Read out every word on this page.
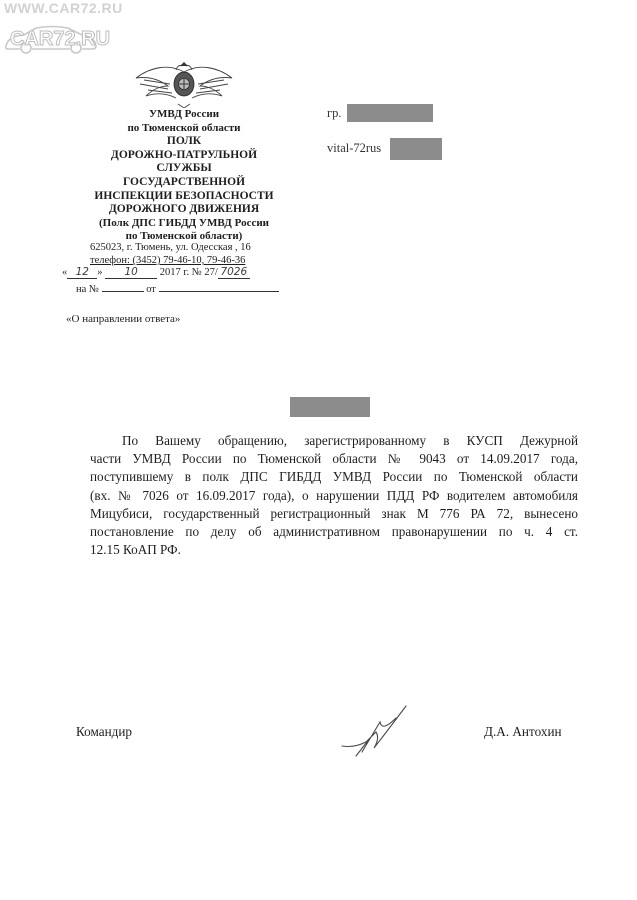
WWW.CAR72.RU
CAR72.RU
УМВД России
по Тюменской области
ПОЛК
ДОРОЖНО-ПАТРУЛЬНОЙ
СЛУЖБЫ
ГОСУДАРСТВЕННОЙ
ИНСПЕКЦИИ БЕЗОПАСНОСТИ
ДОРОЖНОГО ДВИЖЕНИЯ
(Полк ДПС ГИБДД УМВД России
по Тюменской области)
625023, г. Тюмень, ул. Одесская , 16
телефон: (3452) 79-46-10, 79-46-36
« 12 » 10 2017 г. № 27/ 7026
на №	от
«О направлении ответа»
гр.
vital-72rus
По Вашему обращению, зарегистрированному в КУСП Дежурной
части УМВД России по Тюменской области № 9043 от 14.09.2017 года,
поступившему в полк ДПС ГИБДД УМВД России по Тюменской области
(вх. № 7026 от 16.09.2017 года), о нарушении ПДД РФ водителем автомобиля
Мицубиси, государственный регистрационный знак М 776 РА 72, вынесено
постановление по делу об административном правонарушении по ч. 4 ст.
12.15 КоАП РФ.
Командир	Д.А. Антохин
